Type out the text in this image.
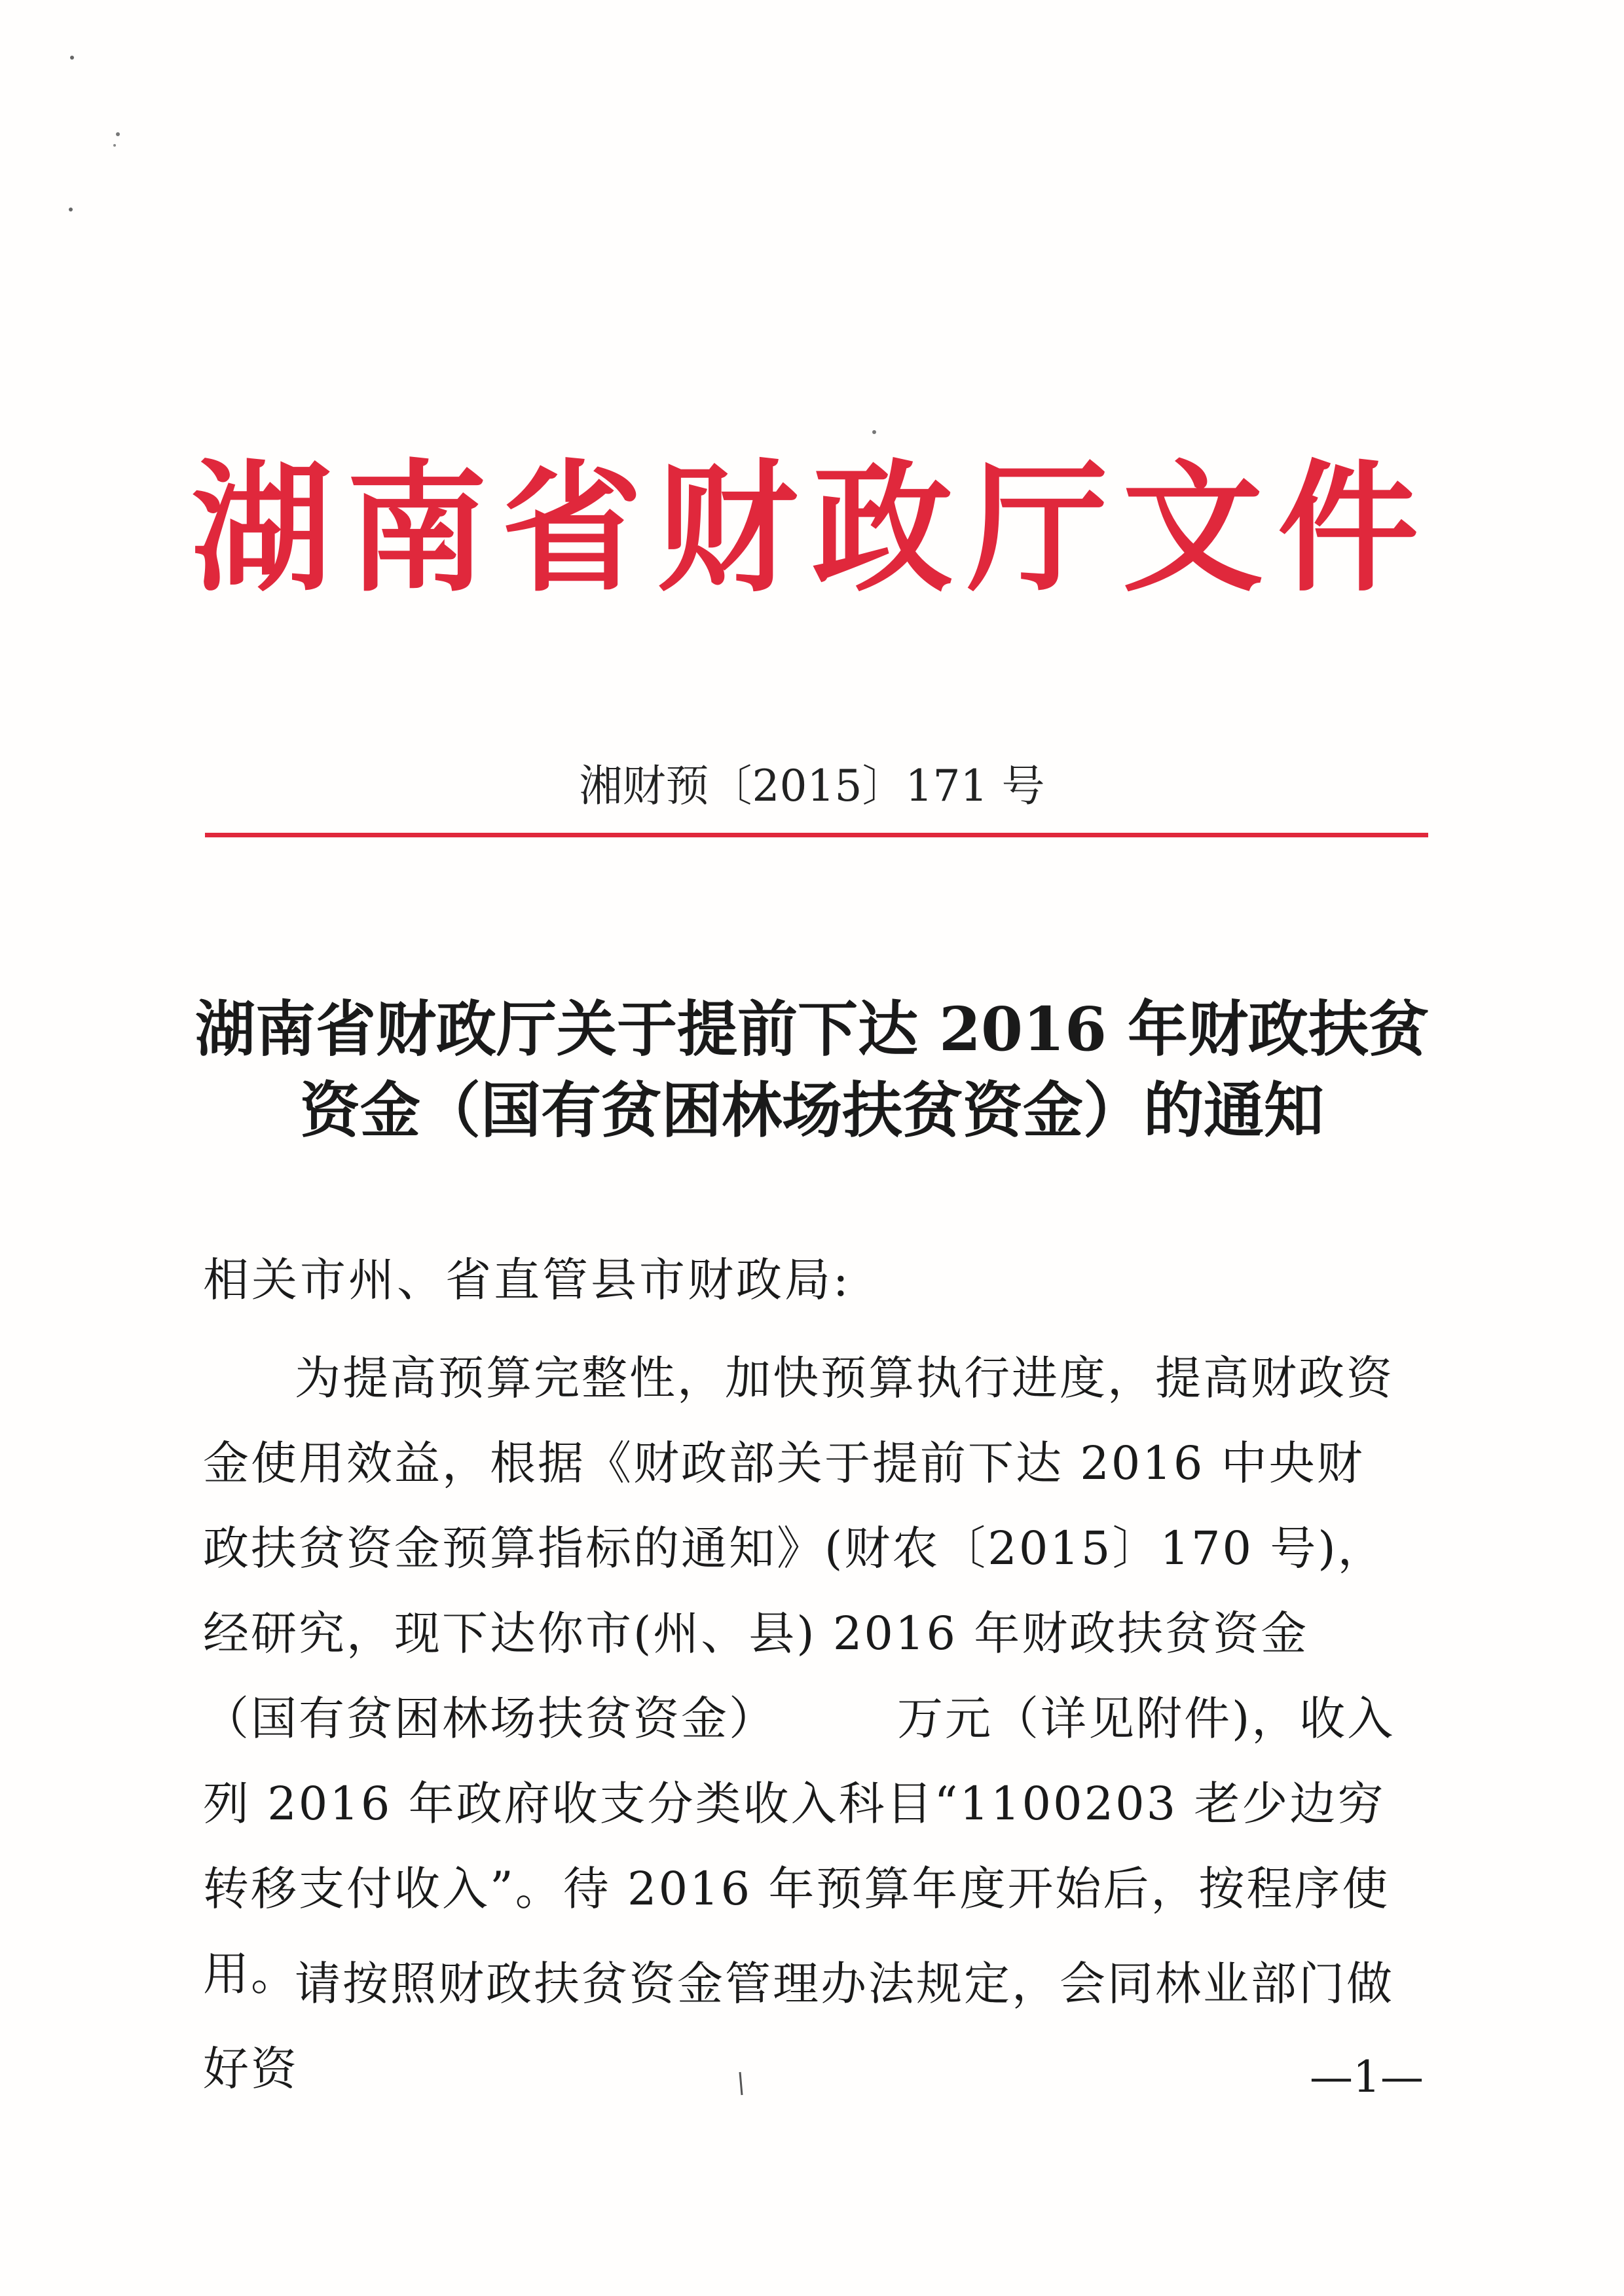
湖南省财政厅文件
湘财预〔2015〕171 号
湖南省财政厅关于提前下达 2016 年财政扶贫
资金（国有贫困林场扶贫资金）的通知
相关市州、省直管县市财政局:
为提高预算完整性，加快预算执行进度，提高财政资金使用效益，根据《财政部关于提前下达 2016 中央财政扶贫资金预算指标的通知》(财农〔2015〕170 号)，经研究，现下达你市(州、县) 2016 年财政扶贫资金（国有贫困林场扶贫资金）　　　万元（详见附件)，收入列 2016 年政府收支分类收入科目“1100203 老少边穷转移支付收入”。待 2016 年预算年度开始后，按程序使用。
请按照财政扶贫资金管理办法规定，会同林业部门做好资	—1—
